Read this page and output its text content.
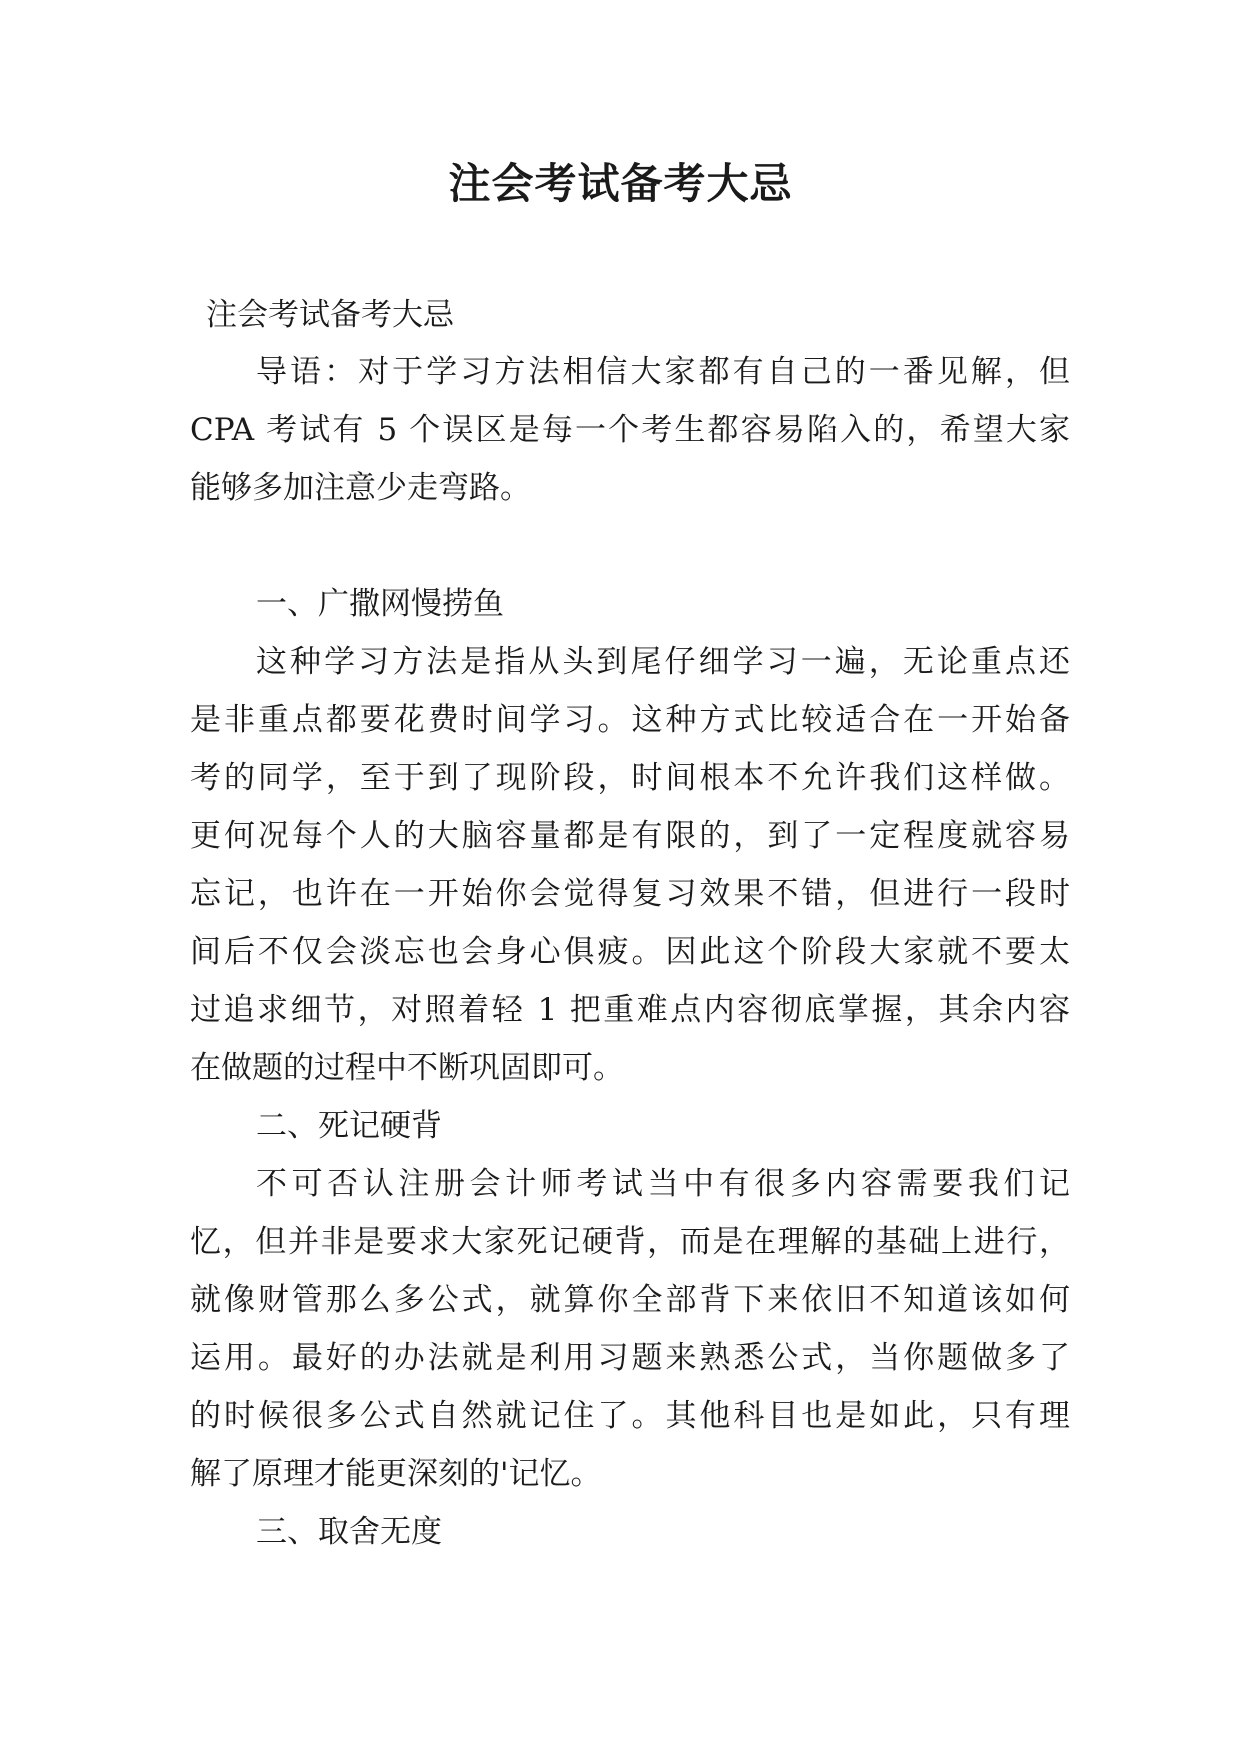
注会考试备考大忌
注会考试备考大忌
导语：对于学习方法相信大家都有自己的一番见解，但
CPA 考试有 5 个误区是每一个考生都容易陷入的，希望大家
能够多加注意少走弯路。
一、广撒网慢捞鱼
这种学习方法是指从头到尾仔细学习一遍，无论重点还
是非重点都要花费时间学习。这种方式比较适合在一开始备
考的同学，至于到了现阶段，时间根本不允许我们这样做。
更何况每个人的大脑容量都是有限的，到了一定程度就容易
忘记，也许在一开始你会觉得复习效果不错，但进行一段时
间后不仅会淡忘也会身心俱疲。因此这个阶段大家就不要太
过追求细节，对照着轻 1 把重难点内容彻底掌握，其余内容
在做题的过程中不断巩固即可。
二、死记硬背
不可否认注册会计师考试当中有很多内容需要我们记
忆，但并非是要求大家死记硬背，而是在理解的基础上进行，
就像财管那么多公式，就算你全部背下来依旧不知道该如何
运用。最好的办法就是利用习题来熟悉公式，当你题做多了
的时候很多公式自然就记住了。其他科目也是如此，只有理
解了原理才能更深刻的'记忆。
三、取舍无度
